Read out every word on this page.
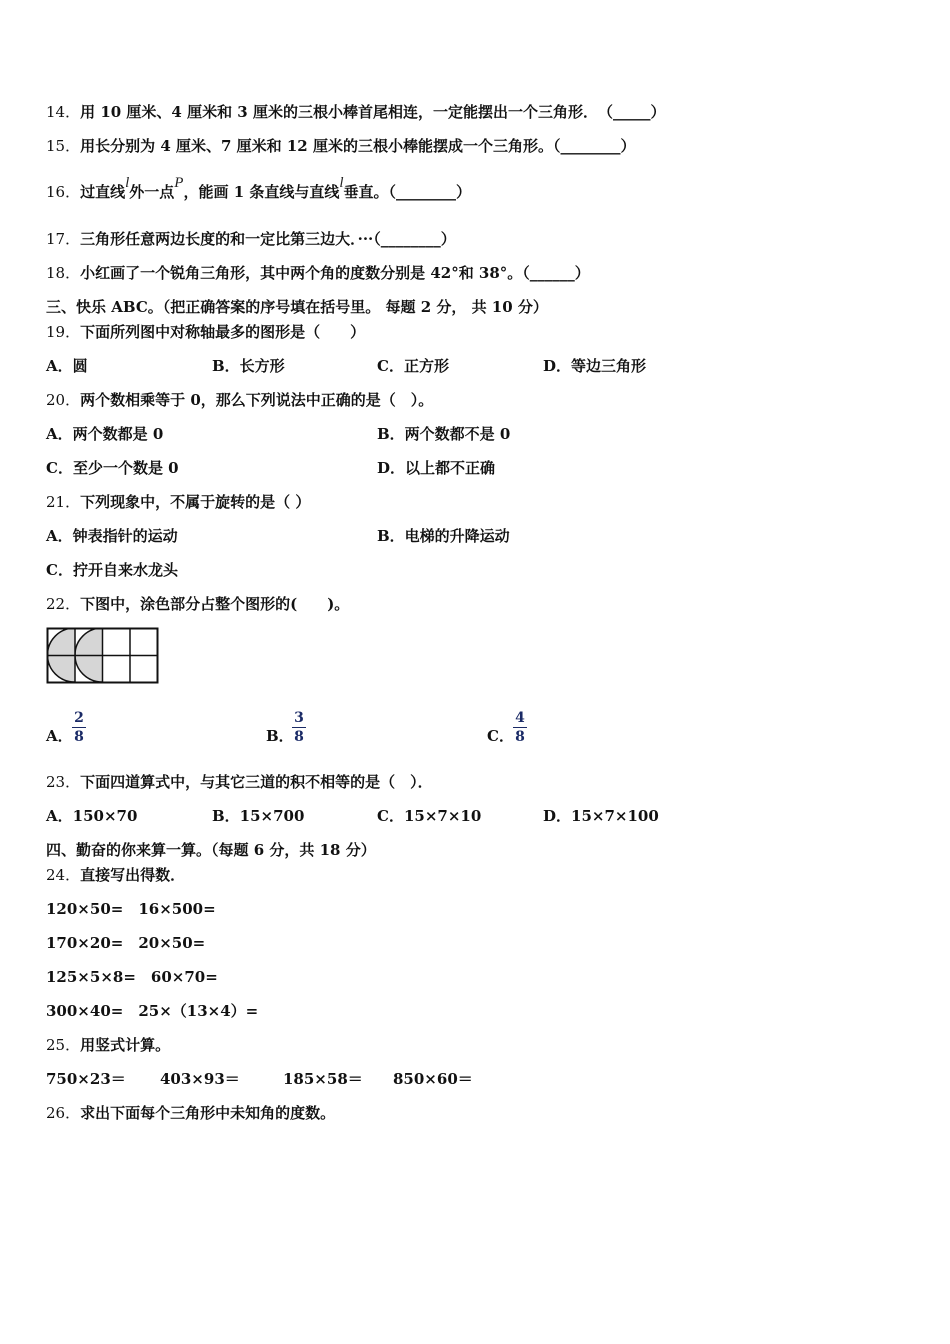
14．用 10 厘米、4 厘米和 3 厘米的三根小棒首尾相连，一定能摆出一个三角形．　（_____）
15．用长分别为 4 厘米、7 厘米和 12 厘米的三根小棒能摆成一个三角形。（________）
16．过直线l外一点P，能画 1 条直线与直线l垂直。（________）
17．三角形任意两边长度的和一定比第三边大．···（________）
18．小红画了一个锐角三角形，其中两个角的度数分别是 42°和 38°。（______）
三、快乐 ABC。（把正确答案的序号填在括号里。 每题 2 分， 共 10 分）
19．下面所列图中对称轴最多的图形是（　　）
A．圆	B．长方形	C．正方形	D．等边三角形
20．两个数相乘等于 0，那么下列说法中正确的是（　）。
A．两个数都是 0	B．两个数都不是 0
C．至少一个数是 0	D．以上都不正确
21．下列现象中，不属于旋转的是（ ）
A．钟表指针的运动	B．电梯的升降运动
C．拧开自来水龙头
22．下图中，涂色部分占整个图形的(　　)。
A．
2
8	B．
3
8	C．
4
8
23．下面四道算式中，与其它三道的积不相等的是（　）．
A．150×70	B．15×700	C．15×7×10	D．15×7×100
四、勤奋的你来算一算。（每题 6 分，共 18 分）
24．直接写出得数．
120×50=　16×500=
170×20=　20×50=
125×5×8=　60×70=
300×40=　25×（13×4）=
25．用竖式计算。
750×23＝ 403×93＝	185×58＝ 850×60＝
26．求出下面每个三角形中未知角的度数。
